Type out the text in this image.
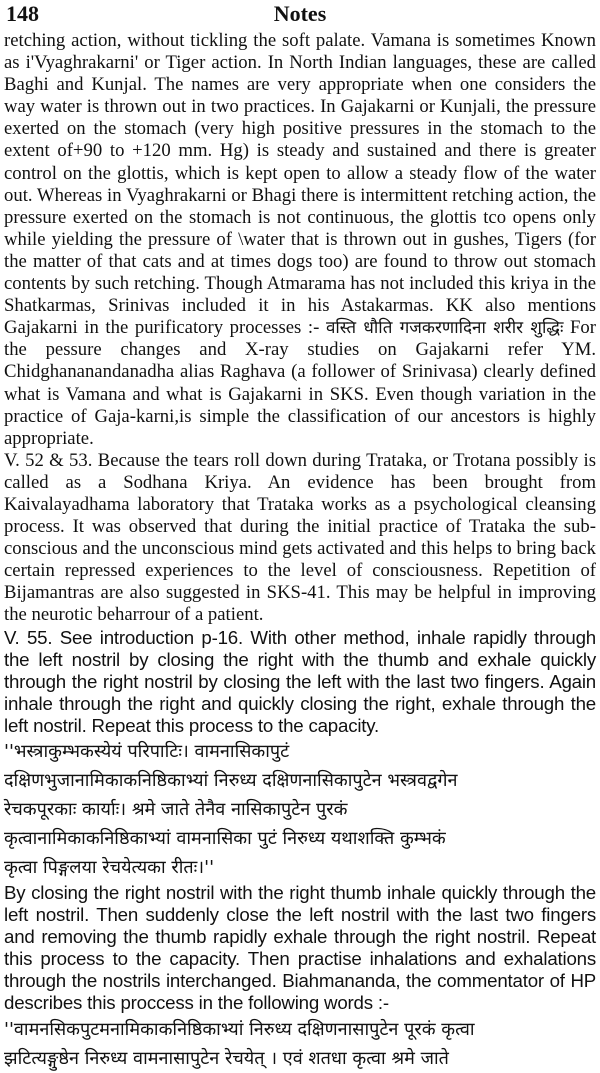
148	Notes

retching action, without tickling the soft palate. Vamana is sometimes Known as i'Vyaghrakarni' or Tiger action. In North Indian languages, these are called Baghi and Kunjal. The names are very appropriate when one considers the way water is thrown out in two practices. In Gajakarni or Kunjali, the pressure exerted on the stomach (very high positive pressures in the stomach to the extent of+90 to +120 mm. Hg) is steady and sustained and there is greater control on the glottis, which is kept open to allow a steady flow of the water out. Whereas in Vyaghrakarni or Bhagi there is intermittent retching action, the pressure exerted on the stomach is not continuous, the glottis tco opens only while yielding the pressure of \water that is thrown out in gushes, Tigers (for the matter of that cats and at times dogs too) are found to throw out stomach contents by such retching. Though Atmarama has not included this kriya in the Shatkarmas, Srinivas included it in his Astakarmas. KK also mentions Gajakarni in the purificatory processes :- वस्ति धौति गजकरणादिना शरीर शुद्धिः For the pessure changes and X-ray studies on Gajakarni refer YM. Chidghananandanadha alias Raghava (a follower of Srinivasa) clearly defined what is Vamana and what is Gajakarni in SKS. Even though variation in the practice of Gaja-karni,is simple the classification of our ancestors is highly appropriate.

V. 52 & 53. Because the tears roll down during Trataka, or Trotana possibly is called as a Sodhana Kriya. An evidence has been brought from Kaivalayadhama laboratory that Trataka works as a psychological cleansing process. It was observed that during the initial practice of Trataka the sub-conscious and the unconscious mind gets activated and this helps to bring back certain repressed experiences to the level of consciousness. Repetition of Bijamantras are also suggested in SKS-41. This may be helpful in improving the neurotic beharrour of a patient.

V. 55. See introduction p-16. With other method, inhale rapidly through the left nostril by closing the right with the thumb and exhale quickly through the right nostril by closing the left with the last two fingers. Again inhale through the right and quickly closing the right, exhale through the left nostril. Repeat this process to the capacity.

''भस्त्राकुम्भकस्येयं परिपाटिः। वामनासिकापुटं
दक्षिणभुजानामिकाकनिष्ठिकाभ्यां निरुध्य दक्षिणनासिकापुटेन भस्त्रवद्वगेन
रेचकपूरकाः कार्याः। श्रमे जाते तेनैव नासिकापुटेन पुरकं
कृत्वानामिकाकनिष्ठिकाभ्यां वामनासिका पुटं निरुध्य यथाशक्ति कुम्भकं
कृत्वा पिङ्गलया रेचयेत्यका रीतः।''

By closing the right nostril with the right thumb inhale quickly through the left nostril. Then suddenly close the left nostril with the last two fingers and removing the thumb rapidly exhale through the right nostril. Repeat this process to the capacity. Then practise inhalations and exhalations through the nostrils interchanged. Biahmananda, the commentator of HP describes this proccess in the following words :-

''वामनसिकपुटमनामिकाकनिष्ठिकाभ्यां निरुध्य दक्षिणनासापुटेन पूरकं कृत्वा
झटित्यङ्गुष्ठेन निरुध्य वामनासापुटेन रेचयेत् । एवं शतधा कृत्वा श्रमे जाते
